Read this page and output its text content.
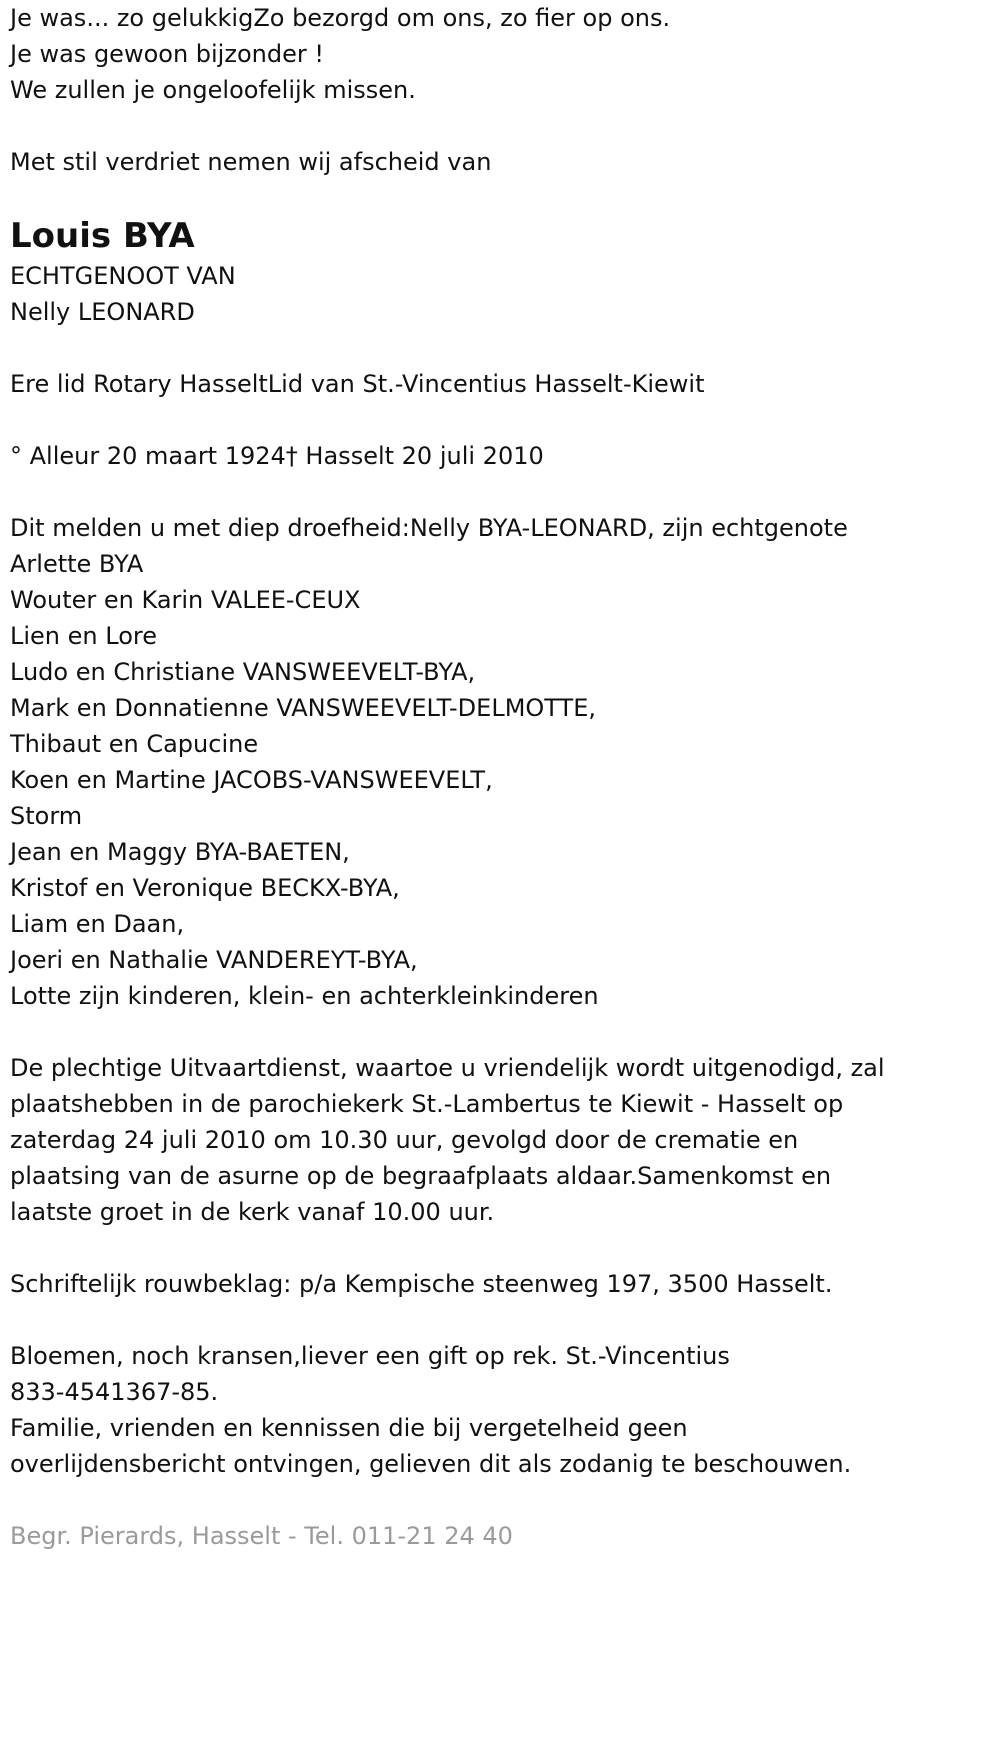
Je was... zo gelukkigZo bezorgd om ons, zo fier op ons.
Je was gewoon bijzonder !
We zullen je ongeloofelijk missen.
Met stil verdriet nemen wij afscheid van
Louis BYA
ECHTGENOOT VAN
Nelly LEONARD
Ere lid Rotary HasseltLid van St.-Vincentius Hasselt-Kiewit
° Alleur 20 maart 1924† Hasselt 20 juli 2010
Dit melden u met diep droefheid:Nelly BYA-LEONARD, zijn echtgenote
Arlette BYA
Wouter en Karin VALEE-CEUX
Lien en Lore
Ludo en Christiane VANSWEEVELT-BYA,
Mark en Donnatienne VANSWEEVELT-DELMOTTE,
Thibaut en Capucine
Koen en Martine JACOBS-VANSWEEVELT,
Storm
Jean en Maggy BYA-BAETEN,
Kristof en Veronique BECKX-BYA,
Liam en Daan,
Joeri en Nathalie VANDEREYT-BYA,
Lotte zijn kinderen, klein- en achterkleinkinderen
De plechtige Uitvaartdienst, waartoe u vriendelijk wordt uitgenodigd, zal
plaatshebben in de parochiekerk St.-Lambertus te Kiewit - Hasselt op
zaterdag 24 juli 2010 om 10.30 uur, gevolgd door de crematie en
plaatsing van de asurne op de begraafplaats aldaar.Samenkomst en
laatste groet in de kerk vanaf 10.00 uur.
Schriftelijk rouwbeklag: p/a Kempische steenweg 197, 3500 Hasselt.
Bloemen, noch kransen,liever een gift op rek. St.-Vincentius
833-4541367-85.
Familie, vrienden en kennissen die bij vergetelheid geen
overlijdensbericht ontvingen, gelieven dit als zodanig te beschouwen.
Begr. Pierards, Hasselt - Tel. 011-21 24 40
